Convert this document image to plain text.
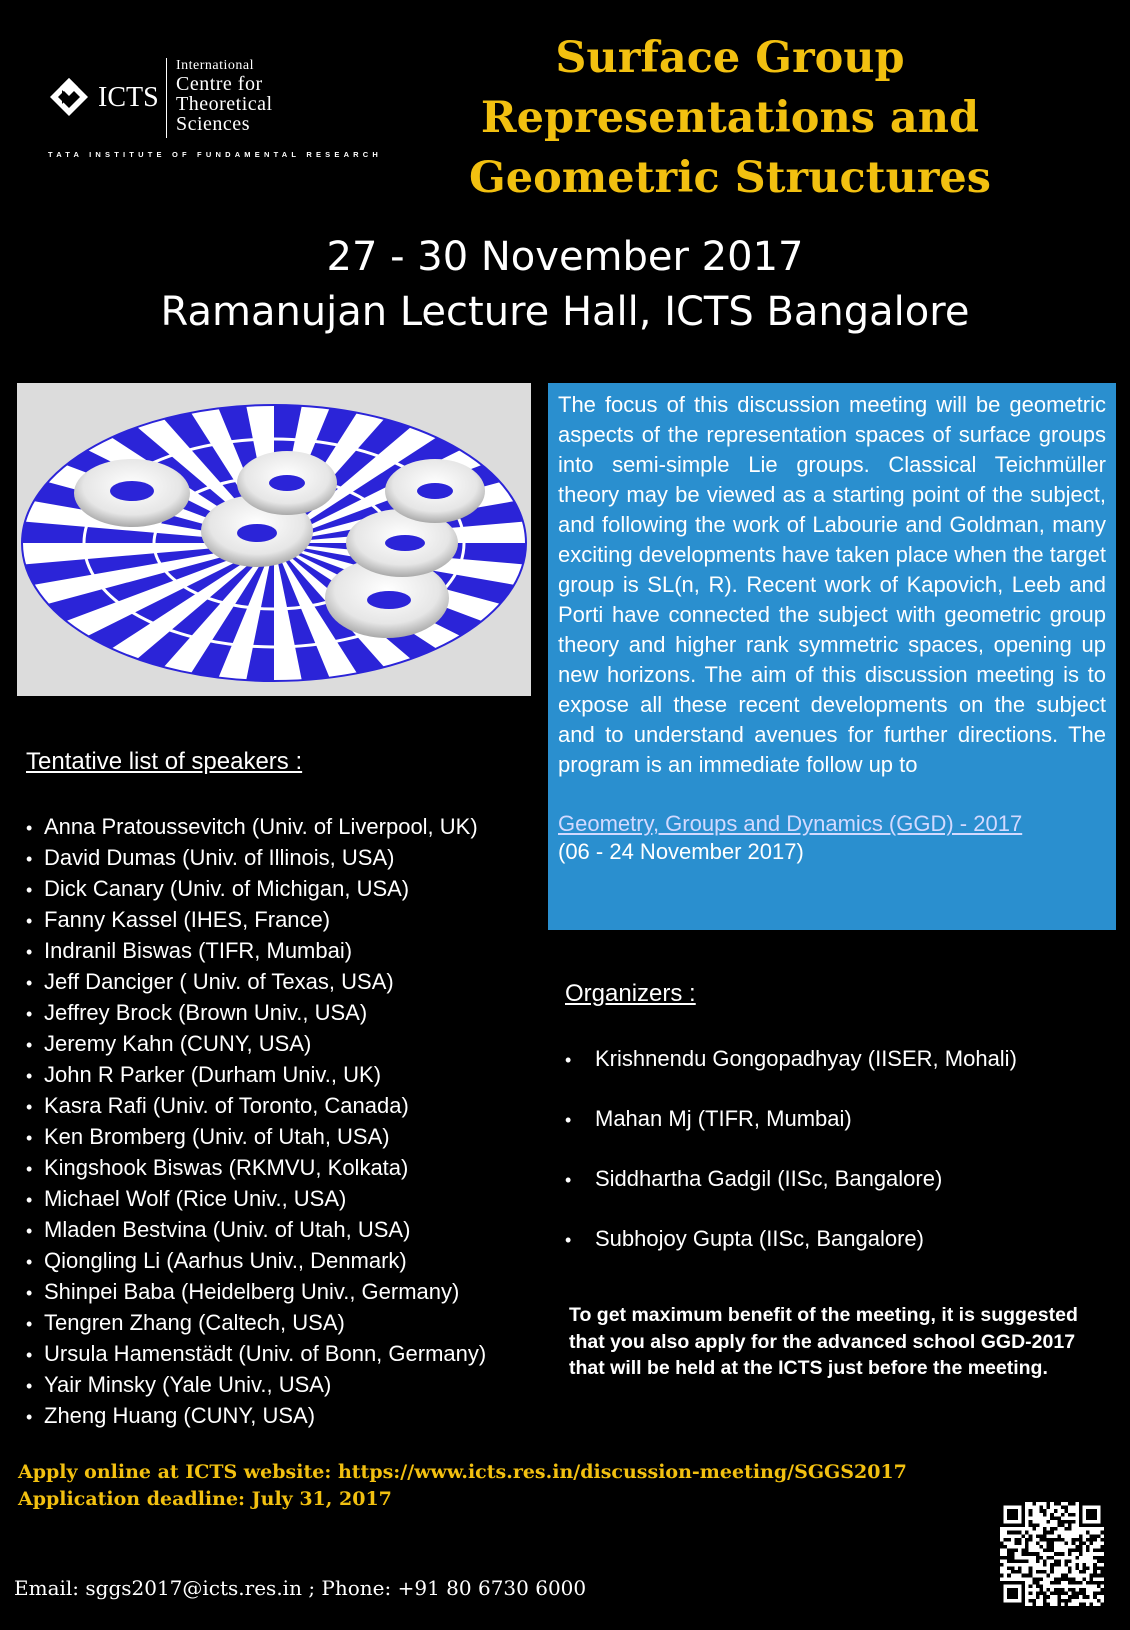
ICTS
International
Centre for
Theoretical
Sciences
TATA INSTITUTE OF FUNDAMENTAL RESEARCH
Surface Group
Representations and
Geometric Structures
27 - 30 November 2017
Ramanujan Lecture Hall, ICTS Bangalore

The focus of this discussion meeting will be geometric aspects of the representation spaces of surface groups into semi-simple Lie groups. Classical Teichmüller theory may be viewed as a starting point of the subject, and following the work of Labourie and Goldman, many exciting developments have taken place when the target group is SL(n, R). Recent work of Kapovich, Leeb and Porti have connected the subject with geometric group theory and higher rank symmetric spaces, opening up new horizons. The aim of this discussion meeting is to expose all these recent developments on the subject and to understand avenues for further directions. The program is an immediate follow up to

Geometry, Groups and Dynamics (GGD) - 2017
(06 - 24 November 2017)
Tentative list of speakers :
• Anna Pratoussevitch (Univ. of Liverpool, UK)
• David Dumas (Univ. of Illinois, USA)
• Dick Canary (Univ. of Michigan, USA)
• Fanny Kassel (IHES, France)
• Indranil Biswas (TIFR, Mumbai)
• Jeff Danciger ( Univ. of Texas, USA)
• Jeffrey Brock (Brown Univ., USA)
• Jeremy Kahn (CUNY, USA)
• John R Parker (Durham Univ., UK)
• Kasra Rafi (Univ. of Toronto, Canada)
• Ken Bromberg (Univ. of Utah, USA)
• Kingshook Biswas (RKMVU, Kolkata)
• Michael Wolf (Rice Univ., USA)
• Mladen Bestvina (Univ. of Utah, USA)
• Qiongling Li (Aarhus Univ., Denmark)
• Shinpei Baba (Heidelberg Univ., Germany)
• Tengren Zhang (Caltech, USA)
• Ursula Hamenstädt (Univ. of Bonn, Germany)
• Yair Minsky (Yale Univ., USA)
• Zheng Huang (CUNY, USA)
Organizers :
• Krishnendu Gongopadhyay (IISER, Mohali)
• Mahan Mj (TIFR, Mumbai)
• Siddhartha Gadgil (IISc, Bangalore)
• Subhojoy Gupta (IISc, Bangalore)
To get maximum benefit of the meeting, it is suggested that you also apply for the advanced school GGD-2017 that will be held at the ICTS just before the meeting.
Apply online at ICTS website: https://www.icts.res.in/discussion-meeting/SGGS2017
Application deadline: July 31, 2017
Email: sggs2017@icts.res.in ; Phone: +91 80 6730 6000
